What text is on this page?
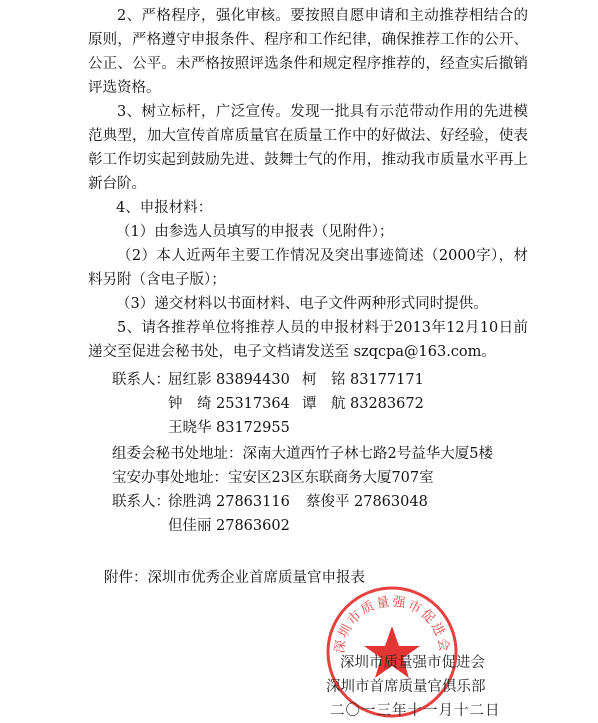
2、严格程序，强化审核。要按照自愿申请和主动推荐相结合的原则，严格遵守申报条件、程序和工作纪律，确保推荐工作的公开、公正、公平。未严格按照评选条件和规定程序推荐的，经查实后撤销评选资格。

3、树立标杆，广泛宣传。发现一批具有示范带动作用的先进模范典型，加大宣传首席质量官在质量工作中的好做法、好经验，使表彰工作切实起到鼓励先进、鼓舞士气的作用，推动我市质量水平再上新台阶。

4、申报材料：

（1）由参选人员填写的申报表（见附件）；

（2）本人近两年主要工作情况及突出事迹简述（2000字），材料另附（含电子版）；

（3）递交材料以书面材料、电子文件两种形式同时提供。

5、请各推荐单位将推荐人员的申报材料于2013年12月10日前递交至促进会秘书处，电子文档请发送至 szqcpa@163.com。

联系人：
屈红影 83894430 柯　铭 83177171
钟　绮 25317364 谭　航 83283672
王晓华 83172955

组委会秘书处地址：深南大道西竹子林七路2号益华大厦5楼

宝安办事处地址：宝安区23区东联商务大厦707室

联系人：
徐胜鸿 27863116 蔡俊平 27863048
但佳丽 27863602

附件：深圳市优秀企业首席质量官申报表

深圳市质量强市促进会

深圳市质量强市促进会

深圳市首席质量官俱乐部

二〇一三年十一月十二日
